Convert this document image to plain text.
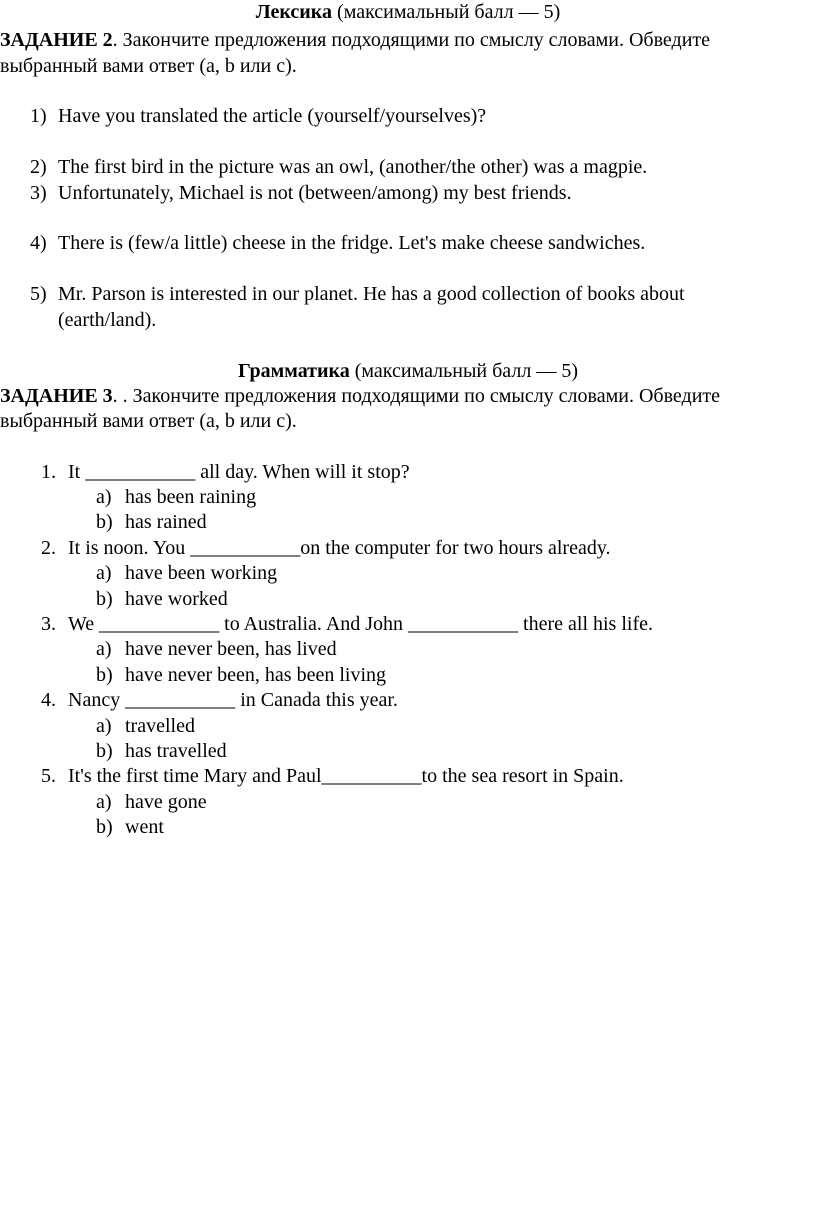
Лексика (максимальный балл — 5)
ЗАДАНИЕ 2. Закончите предложения подходящими по смыслу словами. Обведите
выбранный вами ответ (a, b или c).
1) Have you translated the article (yourself/yourselves)?
2) The first bird in the picture was an owl, (another/the other) was a magpie.
3) Unfortunately, Michael is not (between/among) my best friends.
4) There is (few/a little) cheese in the fridge. Let's make cheese sandwiches.
5) Mr. Parson is interested in our planet. He has a good collection of books about
(earth/land).
Грамматика (максимальный балл — 5)
ЗАДАНИЕ 3. . Закончите предложения подходящими по смыслу словами. Обведите
выбранный вами ответ (a, b или c).
1. It ___________ all day. When will it stop?
a) has been raining
b) has rained
2. It is noon. You ___________on the computer for two hours already.
a) have been working
b) have worked
3. We ____________ to Australia. And John ___________ there all his life.
a) have never been, has lived
b) have never been, has been living
4. Nancy ___________ in Canada this year.
a) travelled
b) has travelled
5. It's the first time Mary and Paul__________to the sea resort in Spain.
a) have gone
b) went
